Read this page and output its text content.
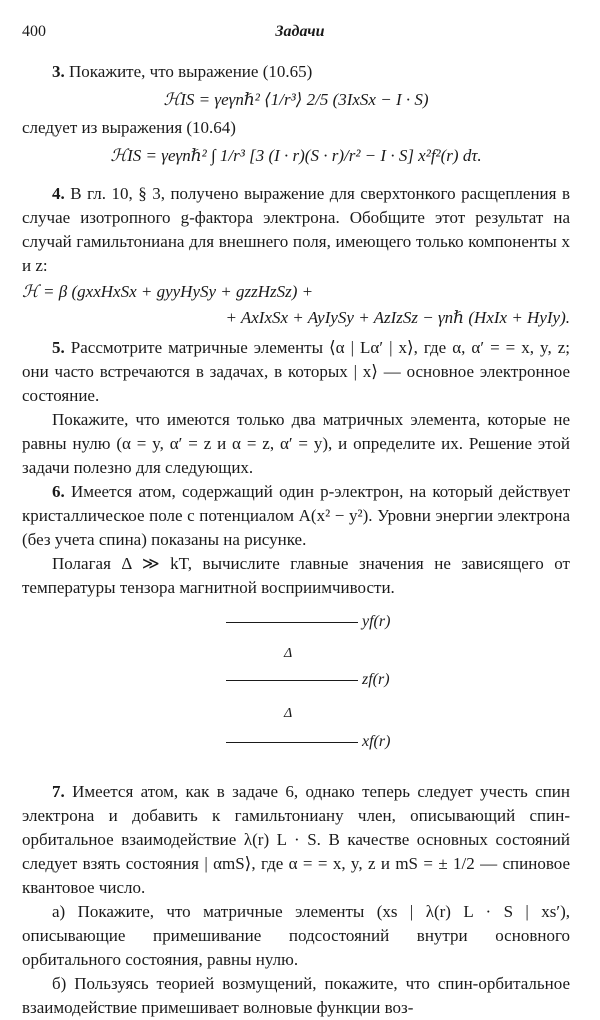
400	Задачи

3. Покажите, что выражение (10.65)

ℋIS = γeγnℏ² ⟨1/r³⟩ 2/5 (3IxSx − I · S)

следует из выражения (10.64)

ℋIS = γeγnℏ² ∫ 1/r³ [3 (I · r)(S · r)/r² − I · S] x²f²(r) dτ.

4. В гл. 10, § 3, получено выражение для сверхтонкого расщепления в случае изотропного g-фактора электрона. Обобщите этот результат на случай гамильтониана для внешнего поля, имеющего только компоненты x и z:

ℋ = β (gxxHxSx + gyyHySy + gzzHzSz) +

+ AxIxSx + AyIySy + AzIzSz − γnℏ (HxIx + HyIy).

5. Рассмотрите матричные элементы ⟨α | Lα′ | x⟩, где α, α′ = = x, y, z; они часто встречаются в задачах, в которых | x⟩ — основное электронное состояние.

Покажите, что имеются только два матричных элемента, которые не равны нулю (α = y, α′ = z и α = z, α′ = y), и определите их. Решение этой задачи полезно для следующих.

6. Имеется атом, содержащий один p-электрон, на который действует кристаллическое поле с потенциалом A(x² − y²). Уровни энергии электрона (без учета спина) показаны на рисунке.

Полагая Δ ≫ kT, вычислите главные значения не зависящего от температуры тензора магнитной восприимчивости.

yf(r)
Δ
zf(r)
Δ
xf(r)

7. Имеется атом, как в задаче 6, однако теперь следует учесть спин электрона и добавить к гамильтониану член, описывающий спин-орбитальное взаимодействие λ(r) L · S. В качестве основных состояний следует взять состояния | αmS⟩, где α = = x, y, z и mS = ± 1/2 — спиновое квантовое число.

а) Покажите, что матричные элементы (xs | λ(r) L · S | xs′), описывающие примешивание подсостояний внутри основного орбитального состояния, равны нулю.

б) Пользуясь теорией возмущений, покажите, что спин-орбитальное взаимодействие примешивает волновые функции воз-
